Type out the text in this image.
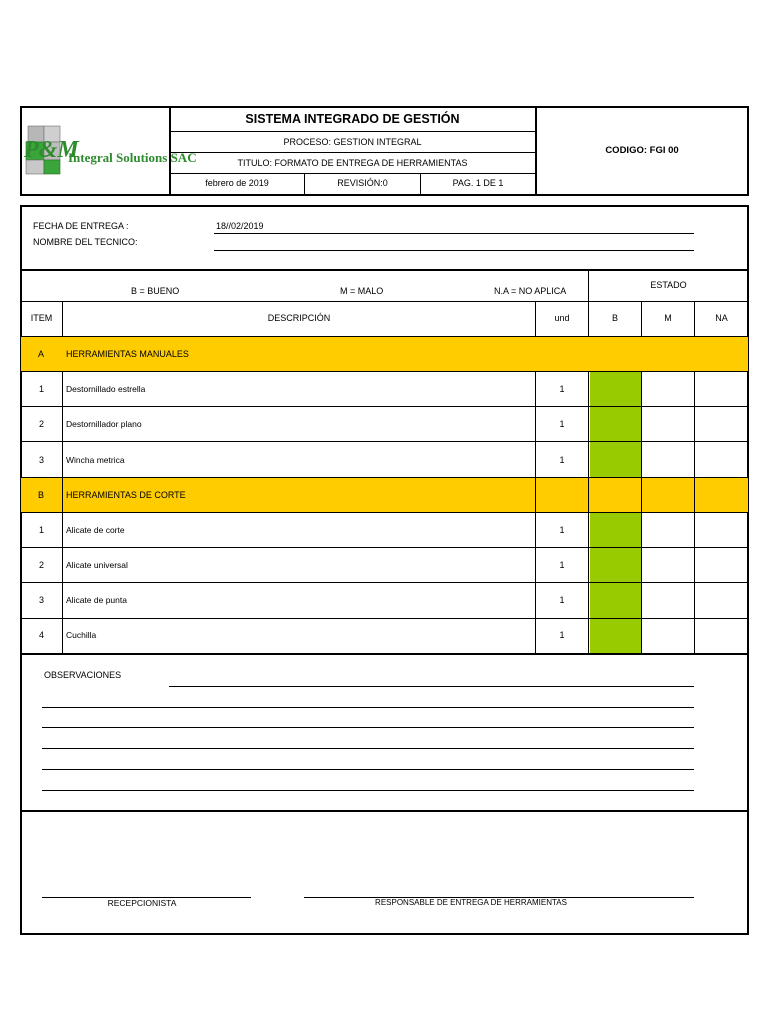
P&M
Integral Solutions SAC
SISTEMA INTEGRADO DE GESTIÓN
PROCESO: GESTION INTEGRAL
TITULO: FORMATO DE ENTREGA DE HERRAMIENTAS
febrero de 2019	REVISIÓN:0	PAG. 1 DE 1
CODIGO: FGI 00
FECHA DE ENTREGA :	18//02/2019
NOMBRE DEL TECNICO:
B = BUENO	M = MALO	N.A = NO APLICA
ESTADO
ITEM	DESCRIPCIÓN	und	B	M	NA
A HERRAMIENTAS MANUALES
1	Destornillado estrella	1
2	Destornillador plano	1
3	Wincha metrica	1
B HERRAMIENTAS DE CORTE
1	Alicate de corte	1
2	Alicate universal	1
3	Alicate de punta	1
4	Cuchilla	1
OBSERVACIONES
RECEPCIONISTA	RESPONSABLE DE ENTREGA DE HERRAMIENTAS
